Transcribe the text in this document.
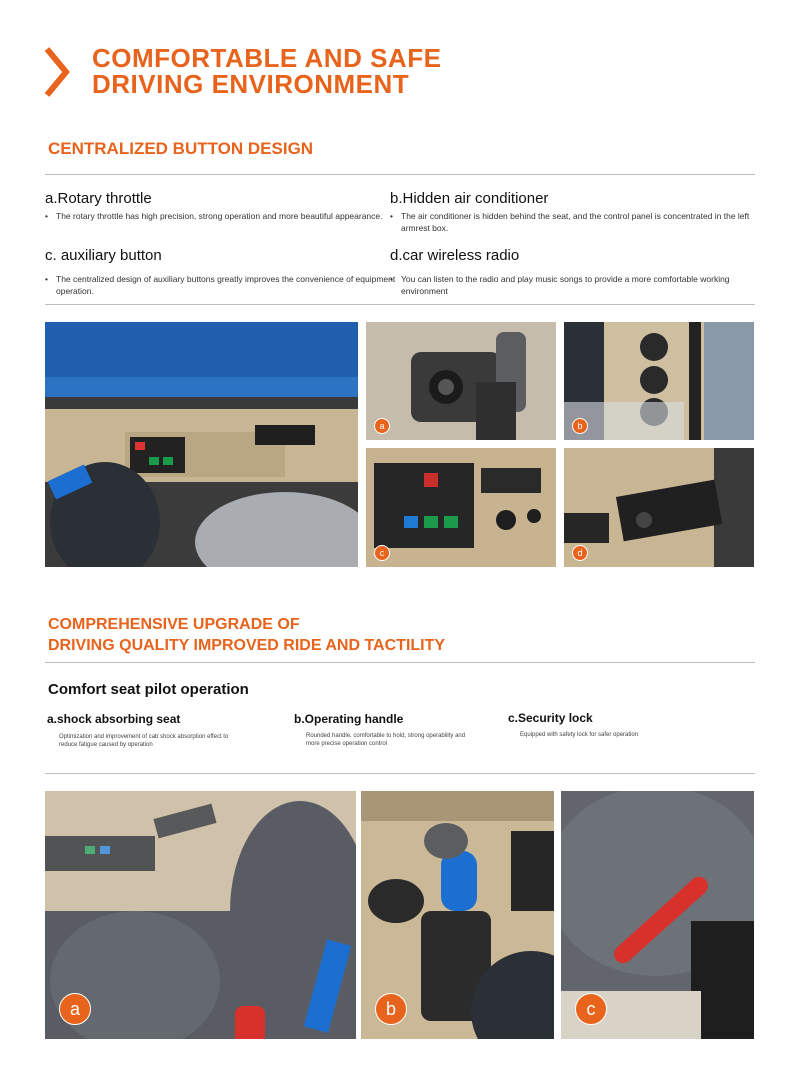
COMFORTABLE AND SAFE
DRIVING ENVIRONMENT
CENTRALIZED BUTTON DESIGN
a.Rotary throttle

• The rotary throttle has high precision, strong operation and more beautiful appearance.

b.Hidden air conditioner

• The air conditioner is hidden behind the seat, and the control panel is concentrated in the left armrest box.

c. auxiliary button

• The centralized design of auxiliary buttons greatly improves the convenience of equipment operation.

d.car wireless radio

• You can listen to the radio and play music songs to provide a more comfortable working environment

a	b
c	d
COMPREHENSIVE UPGRADE OF
DRIVING QUALITY IMPROVED RIDE AND TACTILITY
Comfort seat pilot operation
a.shock absorbing seat

Optimization and improvement of cab shock absorption effect to reduce fatigue caused by operation

b.Operating handle

Rounded handle, comfortable to hold, strong operability and more precise operation control

c.Security lock

Equipped with safety lock for safer operation

a	b	c
